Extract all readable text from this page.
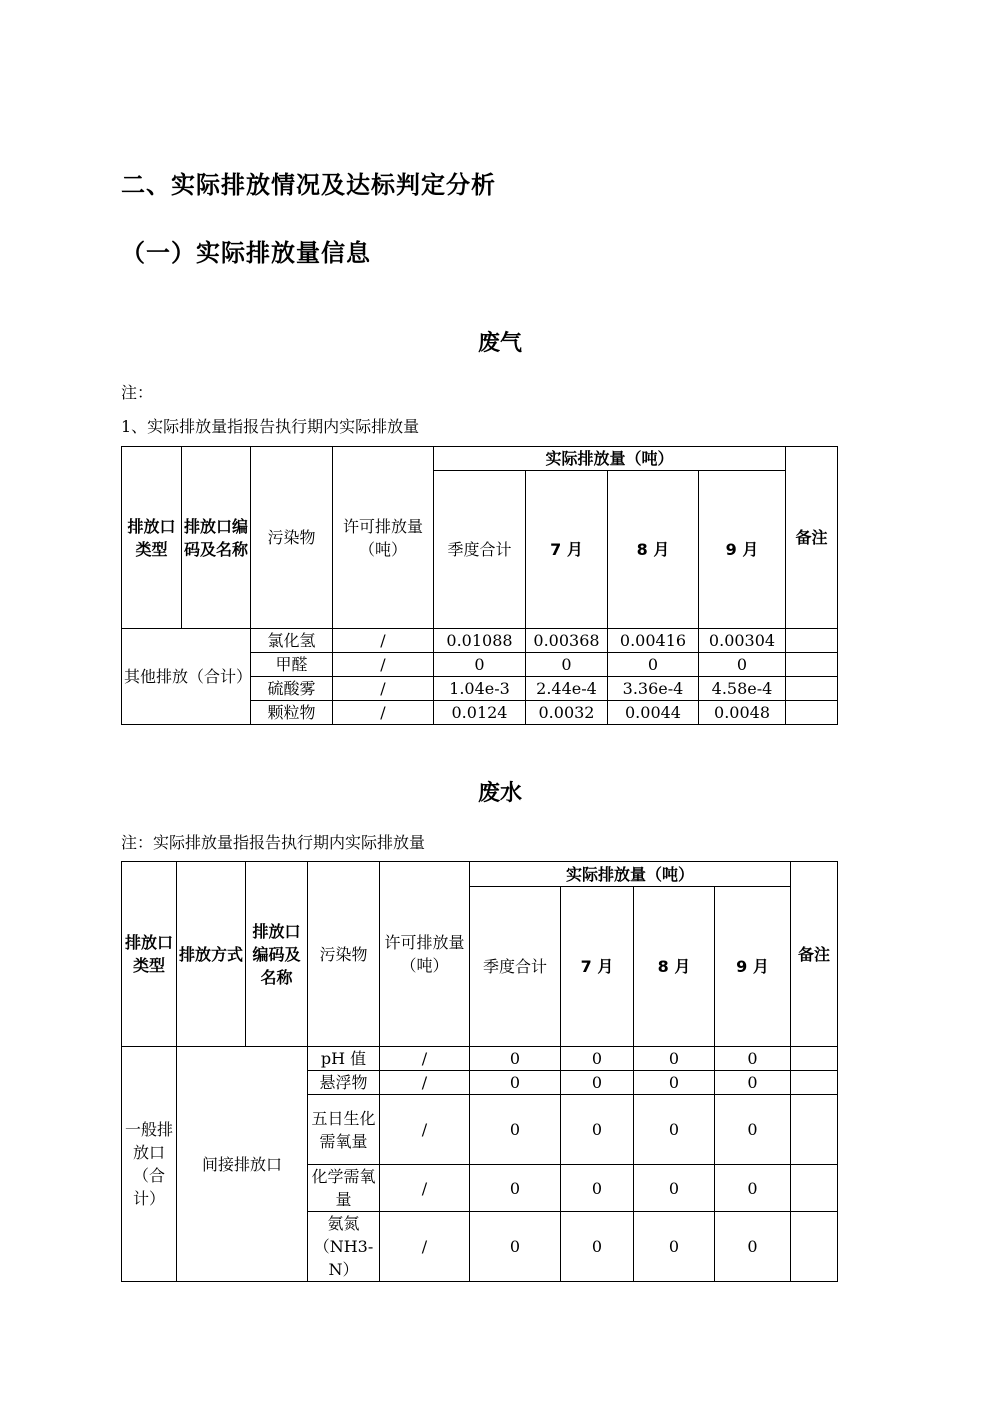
二、实际排放情况及达标判定分析
（一）实际排放量信息
废气

注：

1、实际排放量指报告执行期内实际排放量

排放口类型	排放口编码及名称	污染物	许可排放量（吨）	实际排放量（吨）				备注
				季度合计	7 月	8 月	9 月	
其他排放（合计）		氯化氢	/	0.01088	0.00368	0.00416	0.00304	
		甲醛	/	0	0	0	0	
		硫酸雾	/	1.04e-3	2.44e-4	3.36e-4	4.58e-4	
		颗粒物	/	0.0124	0.0032	0.0044	0.0048	
废水

注：实际排放量指报告执行期内实际排放量

排放口类型	排放方式	排放口编码及名称	污染物	许可排放量（吨）	实际排放量（吨）				备注
					季度合计	7 月	8 月	9 月	
一般排放口（合计）	间接排放口		pH 值	/	0	0	0	0	
			悬浮物	/	0	0	0	0	
			五日生化需氧量	/	0	0	0	0	
			化学需氧量	/	0	0	0	0	
			氨氮（NH3-N）	/	0	0	0	0	
